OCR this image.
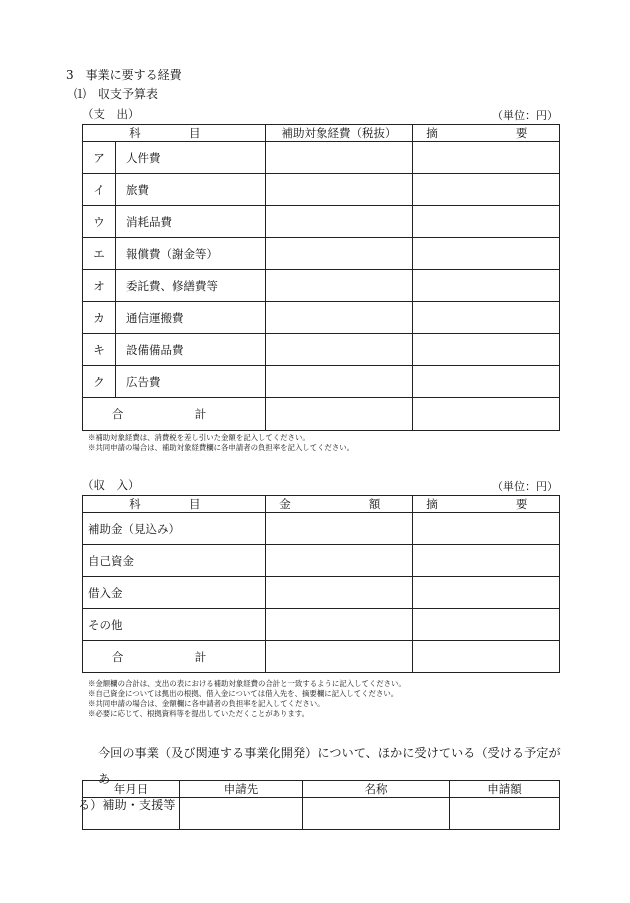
3　事業に要する経費
⑴　収支予算表
（支　出）	（単位：円）
科　目		補助対象経費（税抜）	摘　　要
ア	人件費		
イ	旅費		
ウ	消耗品費		
エ	報償費（謝金等）		
オ	委託費、修繕費等		
カ	通信運搬費		
キ	設備備品費		
ク	広告費		
合　計			
※補助対象経費は、消費税を差し引いた金額を記入してください。
※共同申請の場合は、補助対象経費欄に各申請者の負担率を記入してください。
（収　入）	（単位：円）
科　目	金　　額	摘　　要
補助金（見込み）		
自己資金		
借入金		
その他		
合　計		
※金額欄の合計は、支出の表における補助対象経費の合計と一致するように記入してください。
※自己資金については拠出の根拠、借入金については借入先を、摘要欄に記入してください。
※共同申請の場合は、金額欄に各申請者の負担率を記入してください。
※必要に応じて、根拠資料等を提出していただくことがあります。
今回の事業（及び関連する事業化開発）について、ほかに受けている（受ける予定があ
る）補助・支援等
年月日	申請先	名称	申請額
